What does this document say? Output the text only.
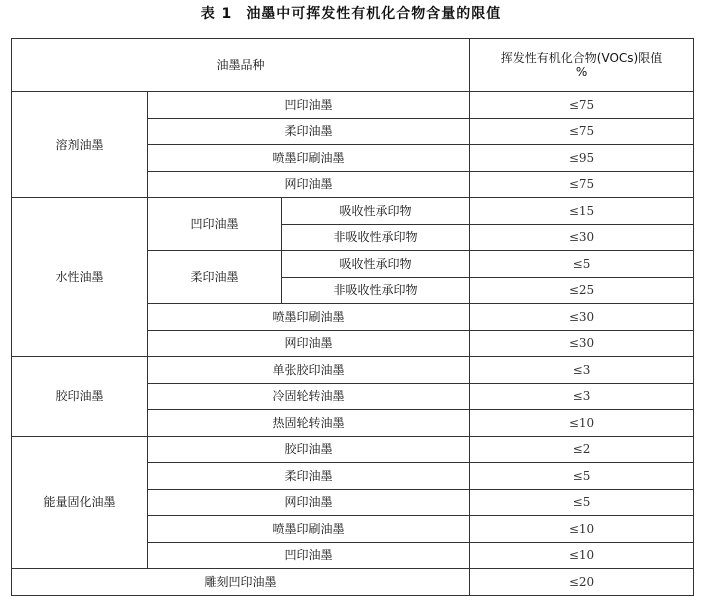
表 1 油墨中可挥发性有机化合物含量的限值
油墨品种			挥发性有机化合物(VOCs)限值
%

溶剂油墨	凹印油墨		≤75
	柔印油墨		≤75
	喷墨印刷油墨		≤95
	网印油墨		≤75
水性油墨	凹印油墨	吸收性承印物	≤15
		非吸收性承印物	≤30
	柔印油墨	吸收性承印物	≤5
		非吸收性承印物	≤25
	喷墨印刷油墨		≤30
	网印油墨		≤30
胶印油墨	单张胶印油墨		≤3
	冷固轮转油墨		≤3
	热固轮转油墨		≤10
能量固化油墨	胶印油墨		≤2
	柔印油墨		≤5
	网印油墨		≤5
	喷墨印刷油墨		≤10
	凹印油墨		≤10
雕刻凹印油墨			≤20
